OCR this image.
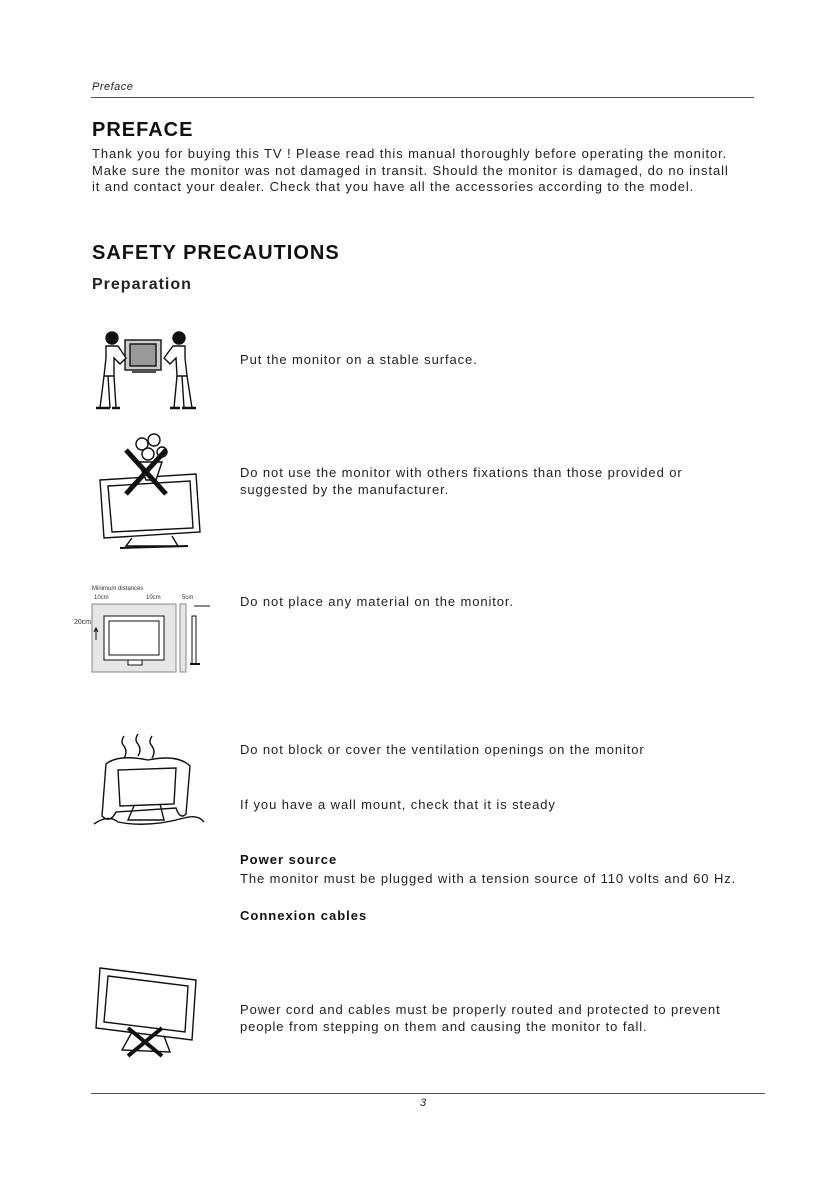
Preface
PREFACE
Thank you for buying this TV ! Please read this manual thoroughly before operating the monitor.
Make sure the monitor was not damaged in transit. Should the monitor is damaged, do no install
it and contact your dealer. Check that you have all the accessories according to the model.
SAFETY PRECAUTIONS
Preparation
Put the monitor on a stable surface.
Do not use the monitor with others fixations than those provided or
suggested by the manufacturer.
Minimum distances
10cm	10cm	5cm
20cm
Do not place any material on the monitor.
Do not block or cover the ventilation openings on the monitor
If you have a wall mount, check that it is steady
Power source
The monitor must be plugged with a tension source of 110 volts and 60 Hz.
Connexion cables
Power cord and cables must be properly routed and protected to prevent
people from stepping on them and causing the monitor to fall.
3
